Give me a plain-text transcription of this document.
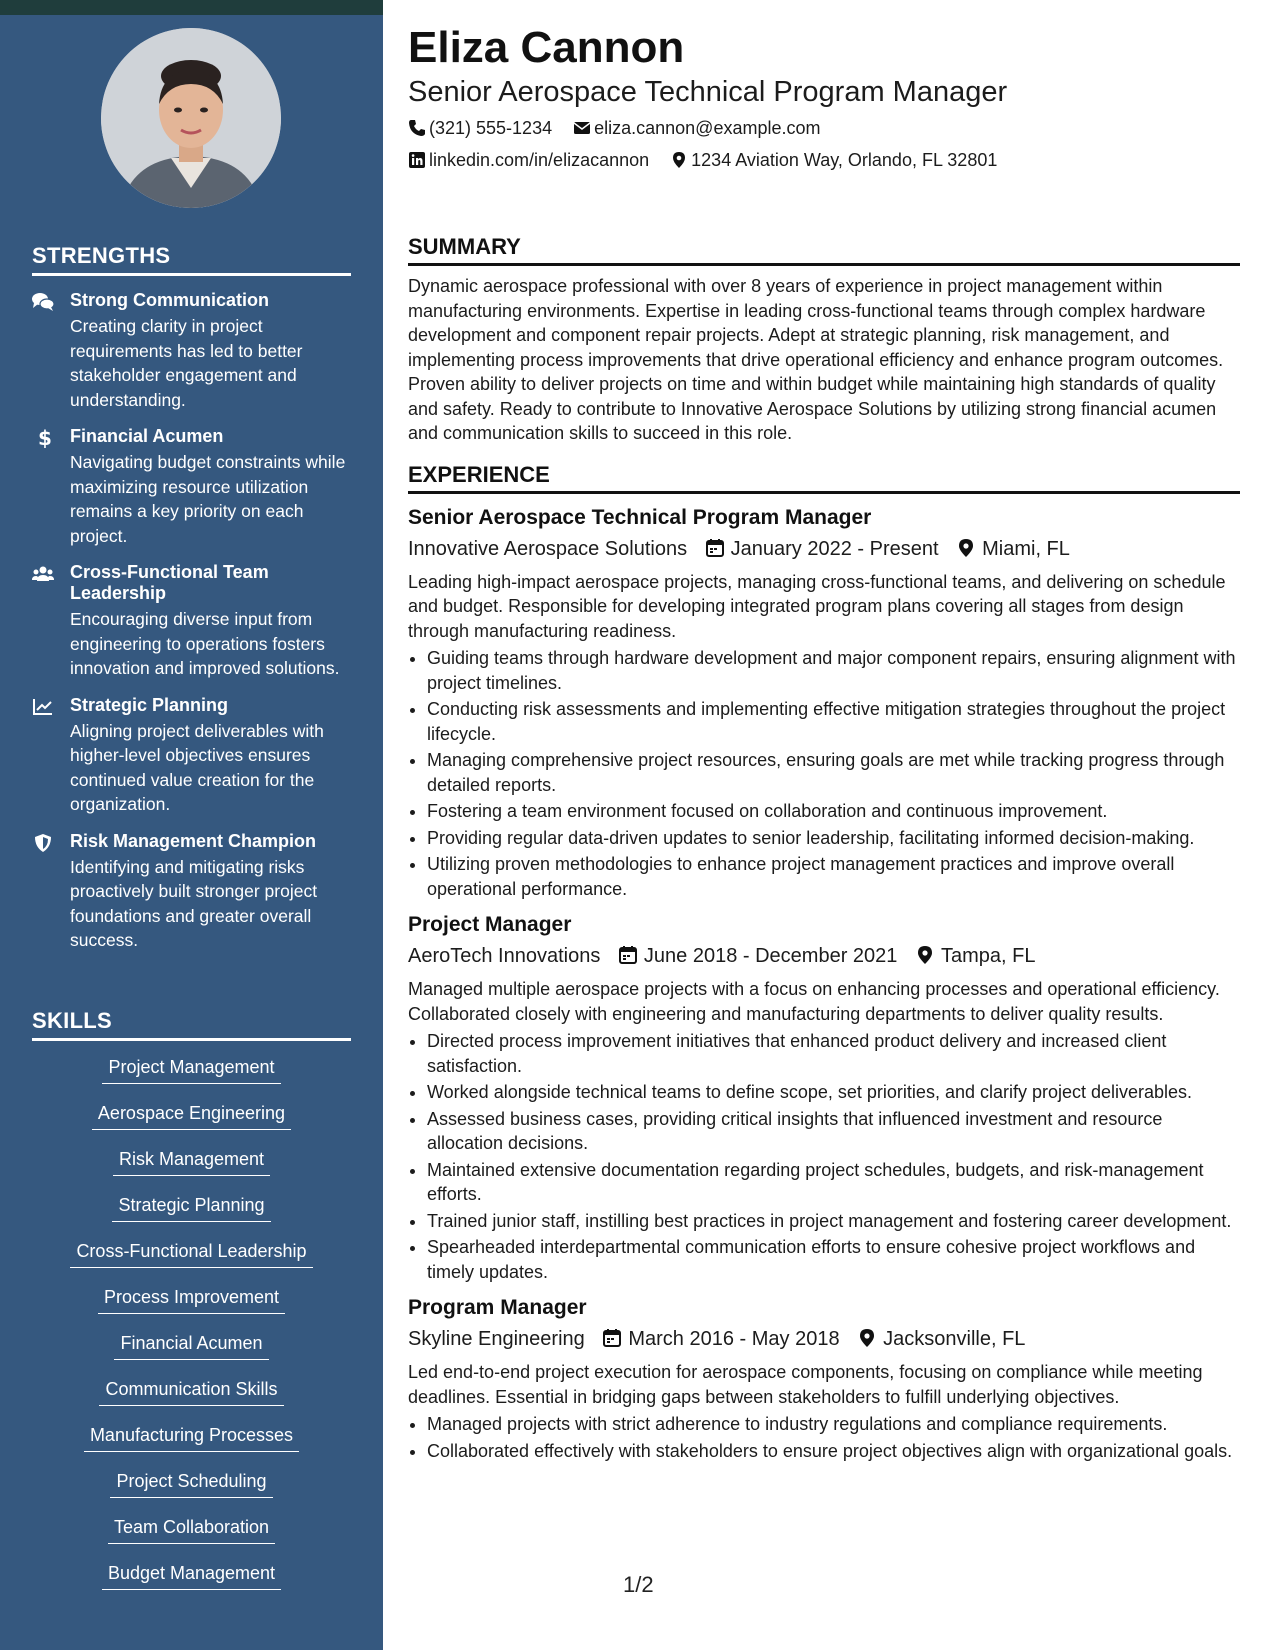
STRENGTHS
Strong Communication
Creating clarity in project requirements has led to better stakeholder engagement and understanding.
$ Financial Acumen
Navigating budget constraints while maximizing resource utilization remains a key priority on each project.
Cross-Functional Team Leadership
Encouraging diverse input from engineering to operations fosters innovation and improved solutions.
Strategic Planning
Aligning project deliverables with higher-level objectives ensures continued value creation for the organization.
Risk Management Champion
Identifying and mitigating risks proactively built stronger project foundations and greater overall success.
SKILLS
Project Management
Aerospace Engineering
Risk Management
Strategic Planning
Cross-Functional Leadership
Process Improvement
Financial Acumen
Communication Skills
Manufacturing Processes
Project Scheduling
Team Collaboration
Budget Management
Eliza Cannon
Senior Aerospace Technical Program Manager
(321) 555-1234 eliza.cannon@example.com
linkedin.com/in/elizacannon 1234 Aviation Way, Orlando, FL 32801
SUMMARY

Dynamic aerospace professional with over 8 years of experience in project management within manufacturing environments. Expertise in leading cross-functional teams through complex hardware development and component repair projects. Adept at strategic planning, risk management, and implementing process improvements that drive operational efficiency and enhance program outcomes. Proven ability to deliver projects on time and within budget while maintaining high standards of quality and safety. Ready to contribute to Innovative Aerospace Solutions by utilizing strong financial acumen and communication skills to succeed in this role.

EXPERIENCE
Senior Aerospace Technical Program Manager
Innovative Aerospace Solutions January 2022 - Present Miami, FL
Leading high-impact aerospace projects, managing cross-functional teams, and delivering on schedule and budget. Responsible for developing integrated program plans covering all stages from design through manufacturing readiness.
• Guiding teams through hardware development and major component repairs, ensuring alignment with project timelines.
• Conducting risk assessments and implementing effective mitigation strategies throughout the project lifecycle.
• Managing comprehensive project resources, ensuring goals are met while tracking progress through detailed reports.
• Fostering a team environment focused on collaboration and continuous improvement.
• Providing regular data-driven updates to senior leadership, facilitating informed decision-making.
• Utilizing proven methodologies to enhance project management practices and improve overall operational performance.
Project Manager
AeroTech Innovations June 2018 - December 2021 Tampa, FL
Managed multiple aerospace projects with a focus on enhancing processes and operational efficiency. Collaborated closely with engineering and manufacturing departments to deliver quality results.
• Directed process improvement initiatives that enhanced product delivery and increased client satisfaction.
• Worked alongside technical teams to define scope, set priorities, and clarify project deliverables.
• Assessed business cases, providing critical insights that influenced investment and resource allocation decisions.
• Maintained extensive documentation regarding project schedules, budgets, and risk-management efforts.
• Trained junior staff, instilling best practices in project management and fostering career development.
• Spearheaded interdepartmental communication efforts to ensure cohesive project workflows and timely updates.
Program Manager
Skyline Engineering March 2016 - May 2018 Jacksonville, FL
Led end-to-end project execution for aerospace components, focusing on compliance while meeting deadlines. Essential in bridging gaps between stakeholders to fulfill underlying objectives.
• Managed projects with strict adherence to industry regulations and compliance requirements.
• Collaborated effectively with stakeholders to ensure project objectives align with organizational goals.
1/2
